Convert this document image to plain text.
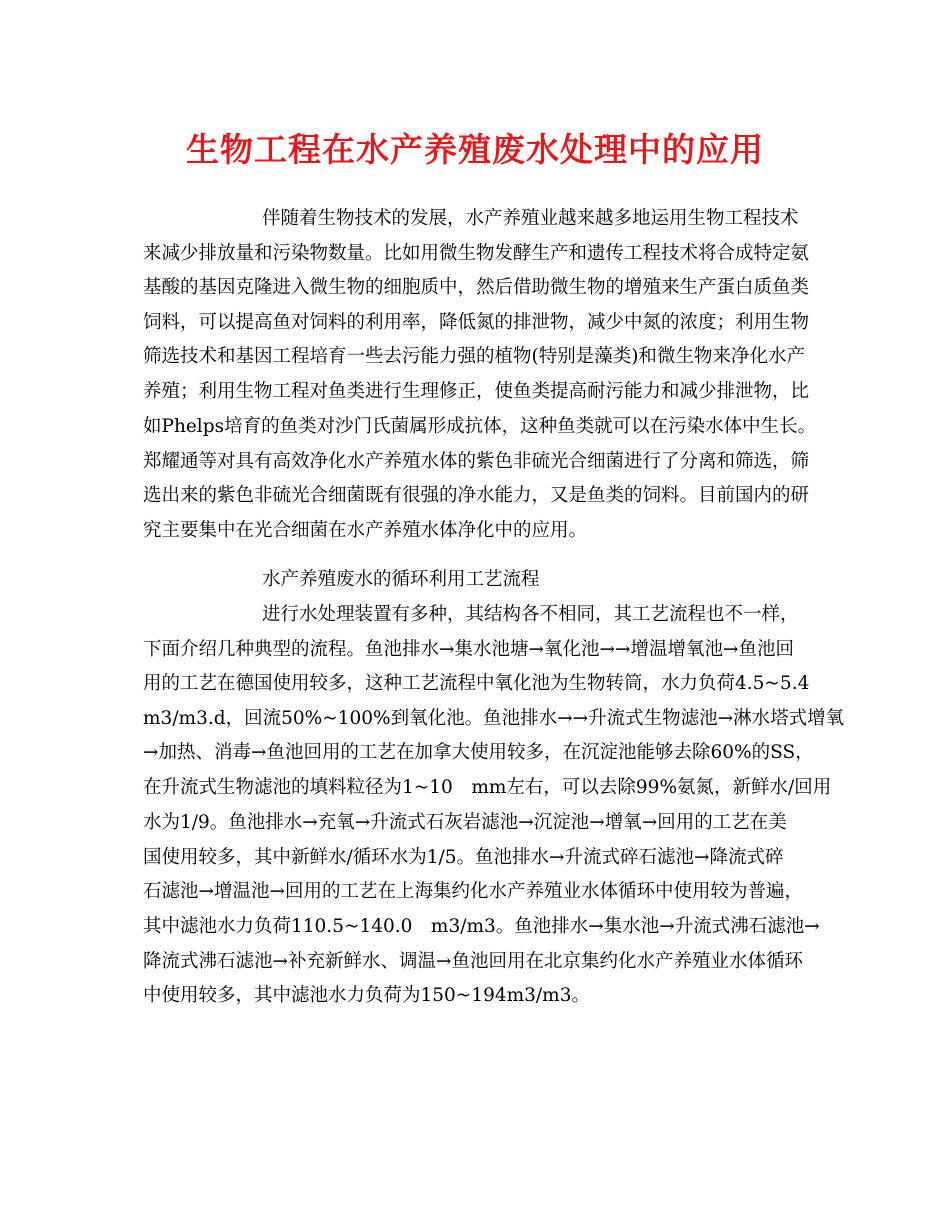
生物工程在水产养殖废水处理中的应用
伴随着生物技术的发展，水产养殖业越来越多地运用生物工程技术
来减少排放量和污染物数量。比如用微生物发酵生产和遗传工程技术将合成特定氨
基酸的基因克隆进入微生物的细胞质中，然后借助微生物的增殖来生产蛋白质鱼类
饲料，可以提高鱼对饲料的利用率，降低氮的排泄物，减少中氮的浓度；利用生物
筛选技术和基因工程培育一些去污能力强的植物(特别是藻类)和微生物来净化水产
养殖；利用生物工程对鱼类进行生理修正，使鱼类提高耐污能力和减少排泄物，比
如Phelps培育的鱼类对沙门氏菌属形成抗体，这种鱼类就可以在污染水体中生长。
郑耀通等对具有高效净化水产养殖水体的紫色非硫光合细菌进行了分离和筛选，筛
选出来的紫色非硫光合细菌既有很强的净水能力，又是鱼类的饲料。目前国内的研
究主要集中在光合细菌在水产养殖水体净化中的应用。
水产养殖废水的循环利用工艺流程
进行水处理装置有多种，其结构各不相同，其工艺流程也不一样，
下面介绍几种典型的流程。鱼池排水→集水池塘→氧化池→→增温增氧池→鱼池回
用的工艺在德国使用较多，这种工艺流程中氧化池为生物转筒，水力负荷4.5~5.4
m3/m3.d，回流50%~100%到氧化池。鱼池排水→→升流式生物滤池→淋水塔式增氧
→加热、消毒→鱼池回用的工艺在加拿大使用较多，在沉淀池能够去除60%的SS，
在升流式生物滤池的填料粒径为1~10　mm左右，可以去除99%氨氮，新鲜水/回用
水为1/9。鱼池排水→充氧→升流式石灰岩滤池→沉淀池→增氧→回用的工艺在美
国使用较多，其中新鲜水/循环水为1/5。鱼池排水→升流式碎石滤池→降流式碎
石滤池→增温池→回用的工艺在上海集约化水产养殖业水体循环中使用较为普遍，
其中滤池水力负荷110.5~140.0　m3/m3。鱼池排水→集水池→升流式沸石滤池→
降流式沸石滤池→补充新鲜水、调温→鱼池回用在北京集约化水产养殖业水体循环
中使用较多，其中滤池水力负荷为150~194m3/m3。
